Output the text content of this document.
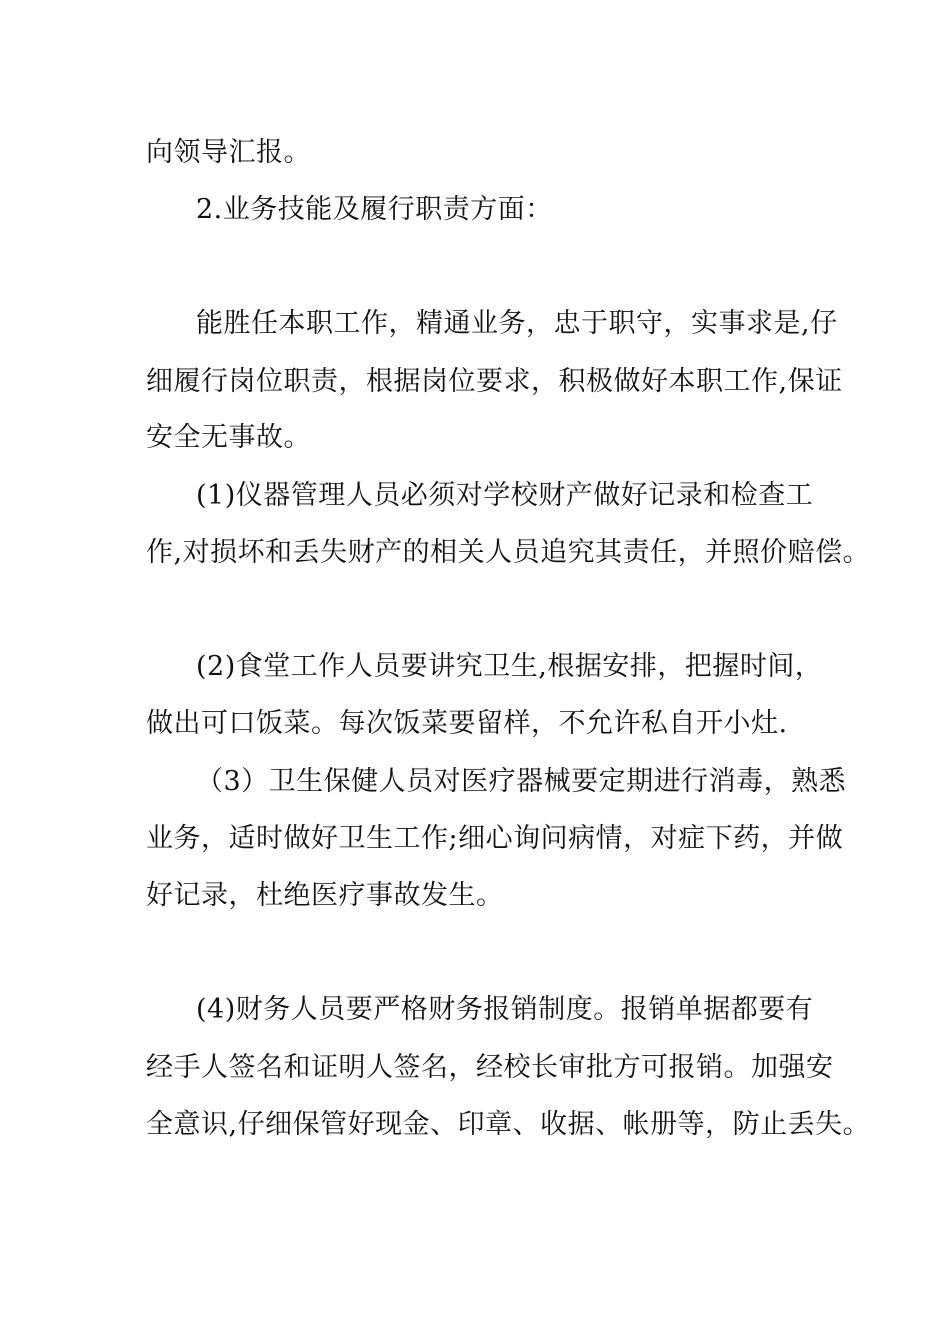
向领导汇报。
2.业务技能及履行职责方面：
能胜任本职工作，精通业务，忠于职守，实事求是,仔
细履行岗位职责，根据岗位要求，积极做好本职工作,保证
安全无事故。
(1)仪器管理人员必须对学校财产做好记录和检查工
作,对损坏和丢失财产的相关人员追究其责任，并照价赔偿。
(2)食堂工作人员要讲究卫生,根据安排，把握时间，
做出可口饭菜。每次饭菜要留样，不允许私自开小灶.
（3）卫生保健人员对医疗器械要定期进行消毒，熟悉
业务，适时做好卫生工作;细心询问病情，对症下药，并做
好记录，杜绝医疗事故发生。
(4)财务人员要严格财务报销制度。报销单据都要有
经手人签名和证明人签名，经校长审批方可报销。加强安
全意识,仔细保管好现金、印章、收据、帐册等，防止丢失。
